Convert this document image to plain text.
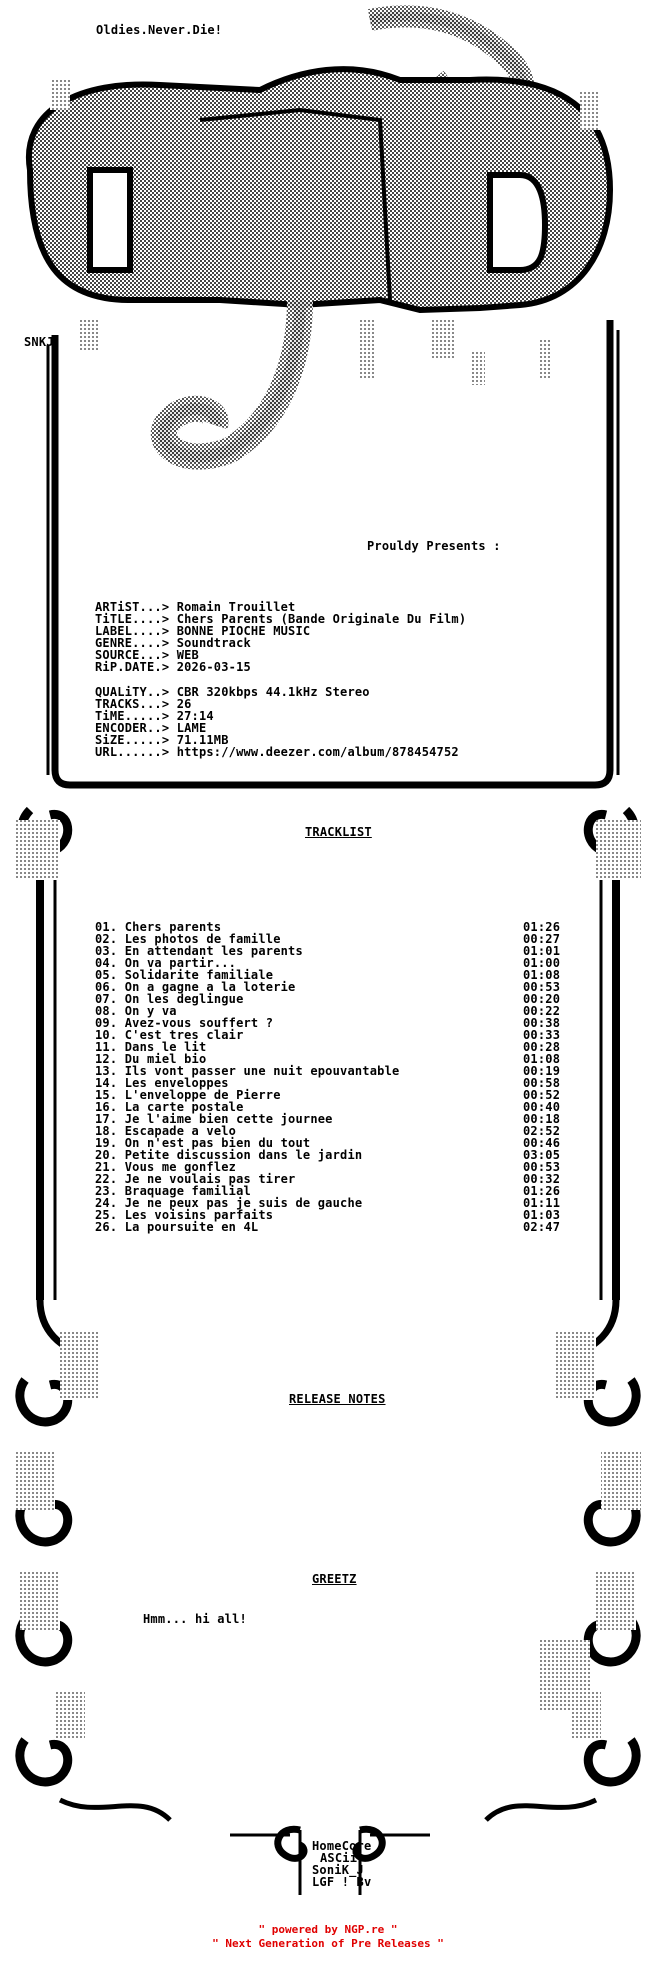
Oldies.Never.Die!
SNKJ
Prouldy Presents :
ARTiST...> Romain Trouillet
TiTLE....> Chers Parents (Bande Originale Du Film)
LABEL....> BONNE PIOCHE MUSIC
GENRE....> Soundtrack
SOURCE...> WEB
RiP.DATE.> 2026-03-15
QUALiTY..> CBR 320kbps 44.1kHz Stereo
TRACKS...> 26
TiME.....> 27:14
ENCODER..> LAME
SiZE.....> 71.11MB
URL......> https://www.deezer.com/album/878454752
TRACKLIST
01. Chers parents	01:26
02. Les photos de famille	00:27
03. En attendant les parents	01:01
04. On va partir...	01:00
05. Solidarite familiale	01:08
06. On a gagne a la loterie	00:53
07. On les deglingue	00:20
08. On y va	00:22
09. Avez-vous souffert ?	00:38
10. C'est tres clair	00:33
11. Dans le lit	00:28
12. Du miel bio	01:08
13. Ils vont passer une nuit epouvantable	00:19
14. Les enveloppes	00:58
15. L'enveloppe de Pierre	00:52
16. La carte postale	00:40
17. Je l'aime bien cette journee	00:18
18. Escapade a velo	02:52
19. On n'est pas bien du tout	00:46
20. Petite discussion dans le jardin	03:05
21. Vous me gonflez	00:53
22. Je ne voulais pas tirer	00:32
23. Braquage familial	01:26
24. Je ne peux pas je suis de gauche	01:11
25. Les voisins parfaits	01:03
26. La poursuite en 4L	02:47
RELEASE NOTES
GREETZ
Hmm... hi all!
HomeCore
ASCii
SoniK_J
LGF ! Bv
" powered by NGP.re "
" Next Generation of Pre Releases "
